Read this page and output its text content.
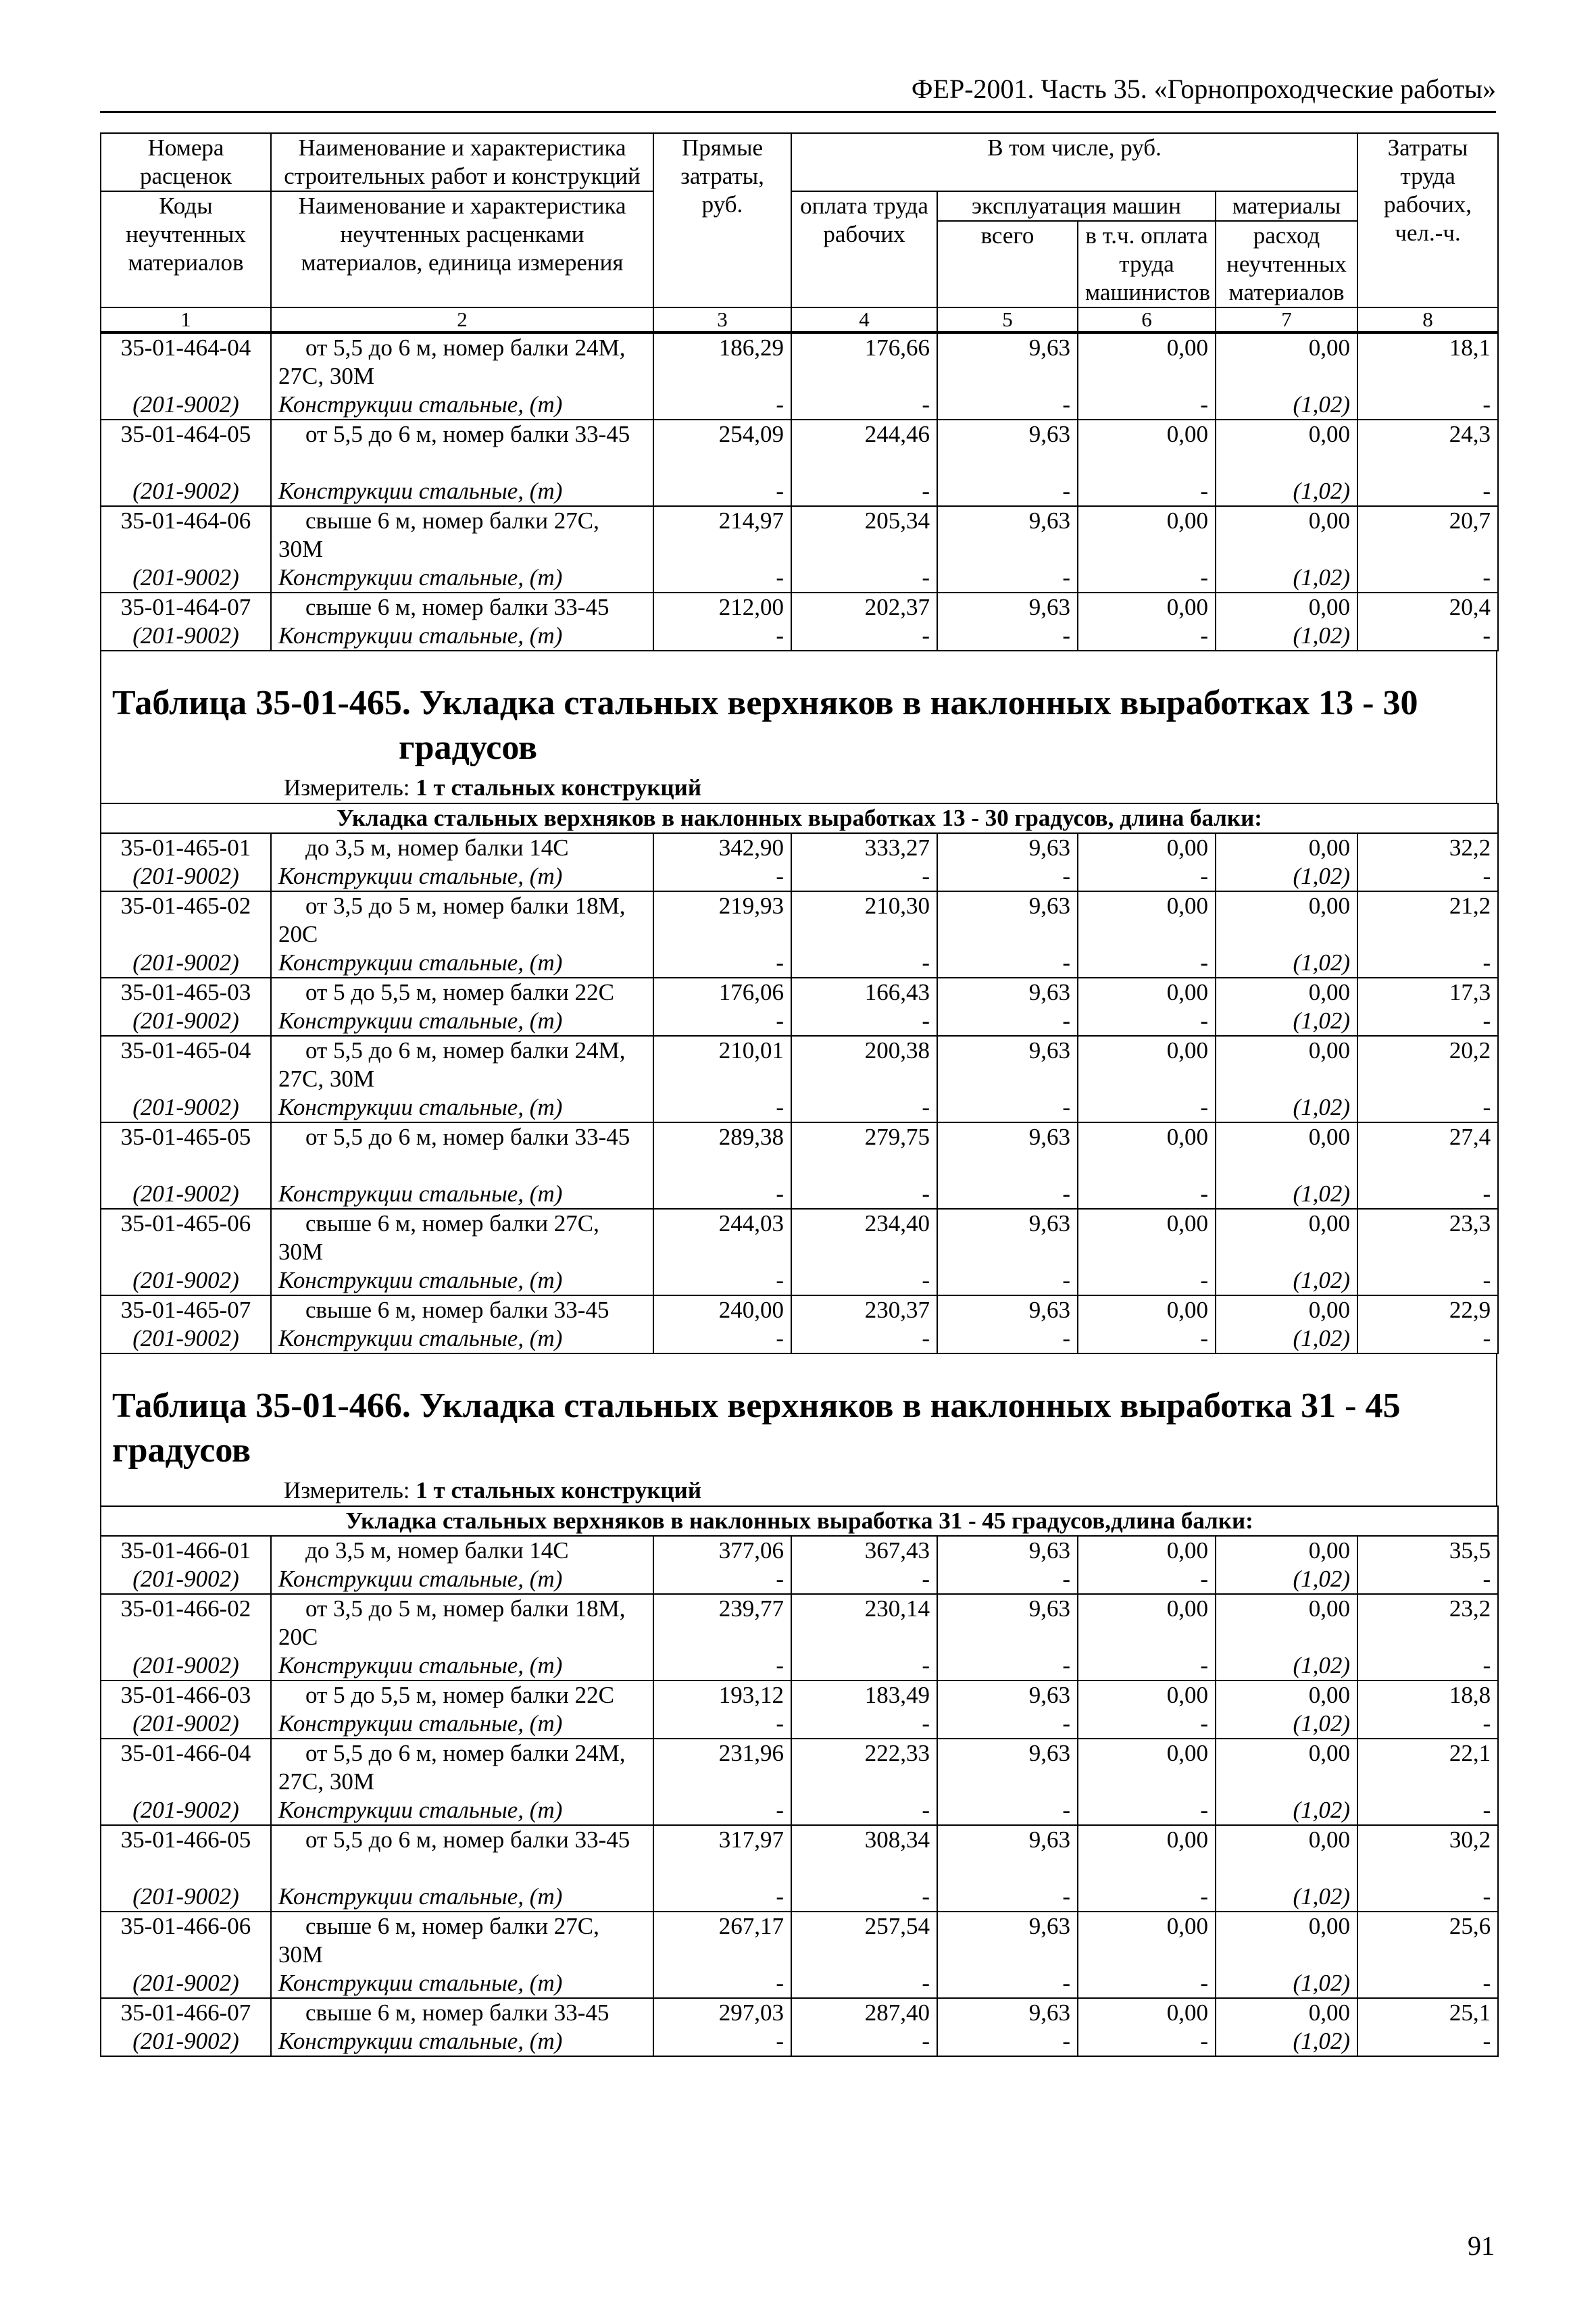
ФЕР-2001. Часть 35. «Горнопроходческие работы»
Номера расценок	Наименование и характеристика строительных работ и конструкций	Прямые затраты, руб.	В том числе, руб.				Затраты труда рабочих, чел.-ч.
Коды неучтенных материалов	Наименование и характеристика неучтенных расценками материалов, единица измерения		оплата труда рабочих	эксплуатация машин		материалы	
				всего	в т.ч. оплата труда машинистов	расход неучтенных материалов	
1	2	3	4	5	6	7	8
35-01-464-04	от 5,5 до 6 м, номер балки 24М, 27С, 30М	186,29	176,66	9,63	0,00	0,00	18,1
(201-9002)	Конструкции стальные, (т)	-	-	-	-	(1,02)	-
35-01-464-05	от 5,5 до 6 м, номер балки 33-45	254,09	244,46	9,63	0,00	0,00	24,3
(201-9002)	Конструкции стальные, (т)	-	-	-	-	(1,02)	-
35-01-464-06	свыше 6 м, номер балки 27С, 30М	214,97	205,34	9,63	0,00	0,00	20,7
(201-9002)	Конструкции стальные, (т)	-	-	-	-	(1,02)	-
35-01-464-07	свыше 6 м, номер балки 33-45	212,00	202,37	9,63	0,00	0,00	20,4
(201-9002)	Конструкции стальные, (т)	-	-	-	-	(1,02)	-
Таблица 35-01-465. Укладка стальных верхняков в наклонных выработках 13 - 30
градусов
Измеритель: 1 т стальных конструкций
Укладка стальных верхняков в наклонных выработках 13 - 30 градусов, длина балки:							
35-01-465-01	до 3,5 м, номер балки 14С	342,90	333,27	9,63	0,00	0,00	32,2
(201-9002)	Конструкции стальные, (т)	-	-	-	-	(1,02)	-
35-01-465-02	от 3,5 до 5 м, номер балки 18М, 20С	219,93	210,30	9,63	0,00	0,00	21,2
(201-9002)	Конструкции стальные, (т)	-	-	-	-	(1,02)	-
35-01-465-03	от 5 до 5,5 м, номер балки 22С	176,06	166,43	9,63	0,00	0,00	17,3
(201-9002)	Конструкции стальные, (т)	-	-	-	-	(1,02)	-
35-01-465-04	от 5,5 до 6 м, номер балки 24М, 27С, 30М	210,01	200,38	9,63	0,00	0,00	20,2
(201-9002)	Конструкции стальные, (т)	-	-	-	-	(1,02)	-
35-01-465-05	от 5,5 до 6 м, номер балки 33-45	289,38	279,75	9,63	0,00	0,00	27,4
(201-9002)	Конструкции стальные, (т)	-	-	-	-	(1,02)	-
35-01-465-06	свыше 6 м, номер балки 27С, 30М	244,03	234,40	9,63	0,00	0,00	23,3
(201-9002)	Конструкции стальные, (т)	-	-	-	-	(1,02)	-
35-01-465-07	свыше 6 м, номер балки 33-45	240,00	230,37	9,63	0,00	0,00	22,9
(201-9002)	Конструкции стальные, (т)	-	-	-	-	(1,02)	-
Таблица 35-01-466. Укладка стальных верхняков в наклонных выработка 31 - 45 градусов
Измеритель: 1 т стальных конструкций
Укладка стальных верхняков в наклонных выработка 31 - 45 градусов,длина балки:							
35-01-466-01	до 3,5 м, номер балки 14С	377,06	367,43	9,63	0,00	0,00	35,5
(201-9002)	Конструкции стальные, (т)	-	-	-	-	(1,02)	-
35-01-466-02	от 3,5 до 5 м, номер балки 18М, 20С	239,77	230,14	9,63	0,00	0,00	23,2
(201-9002)	Конструкции стальные, (т)	-	-	-	-	(1,02)	-
35-01-466-03	от 5 до 5,5 м, номер балки 22С	193,12	183,49	9,63	0,00	0,00	18,8
(201-9002)	Конструкции стальные, (т)	-	-	-	-	(1,02)	-
35-01-466-04	от 5,5 до 6 м, номер балки 24М, 27С, 30М	231,96	222,33	9,63	0,00	0,00	22,1
(201-9002)	Конструкции стальные, (т)	-	-	-	-	(1,02)	-
35-01-466-05	от 5,5 до 6 м, номер балки 33-45	317,97	308,34	9,63	0,00	0,00	30,2
(201-9002)	Конструкции стальные, (т)	-	-	-	-	(1,02)	-
35-01-466-06	свыше 6 м, номер балки 27С, 30М	267,17	257,54	9,63	0,00	0,00	25,6
(201-9002)	Конструкции стальные, (т)	-	-	-	-	(1,02)	-
35-01-466-07	свыше 6 м, номер балки 33-45	297,03	287,40	9,63	0,00	0,00	25,1
(201-9002)	Конструкции стальные, (т)	-	-	-	-	(1,02)	-
91
